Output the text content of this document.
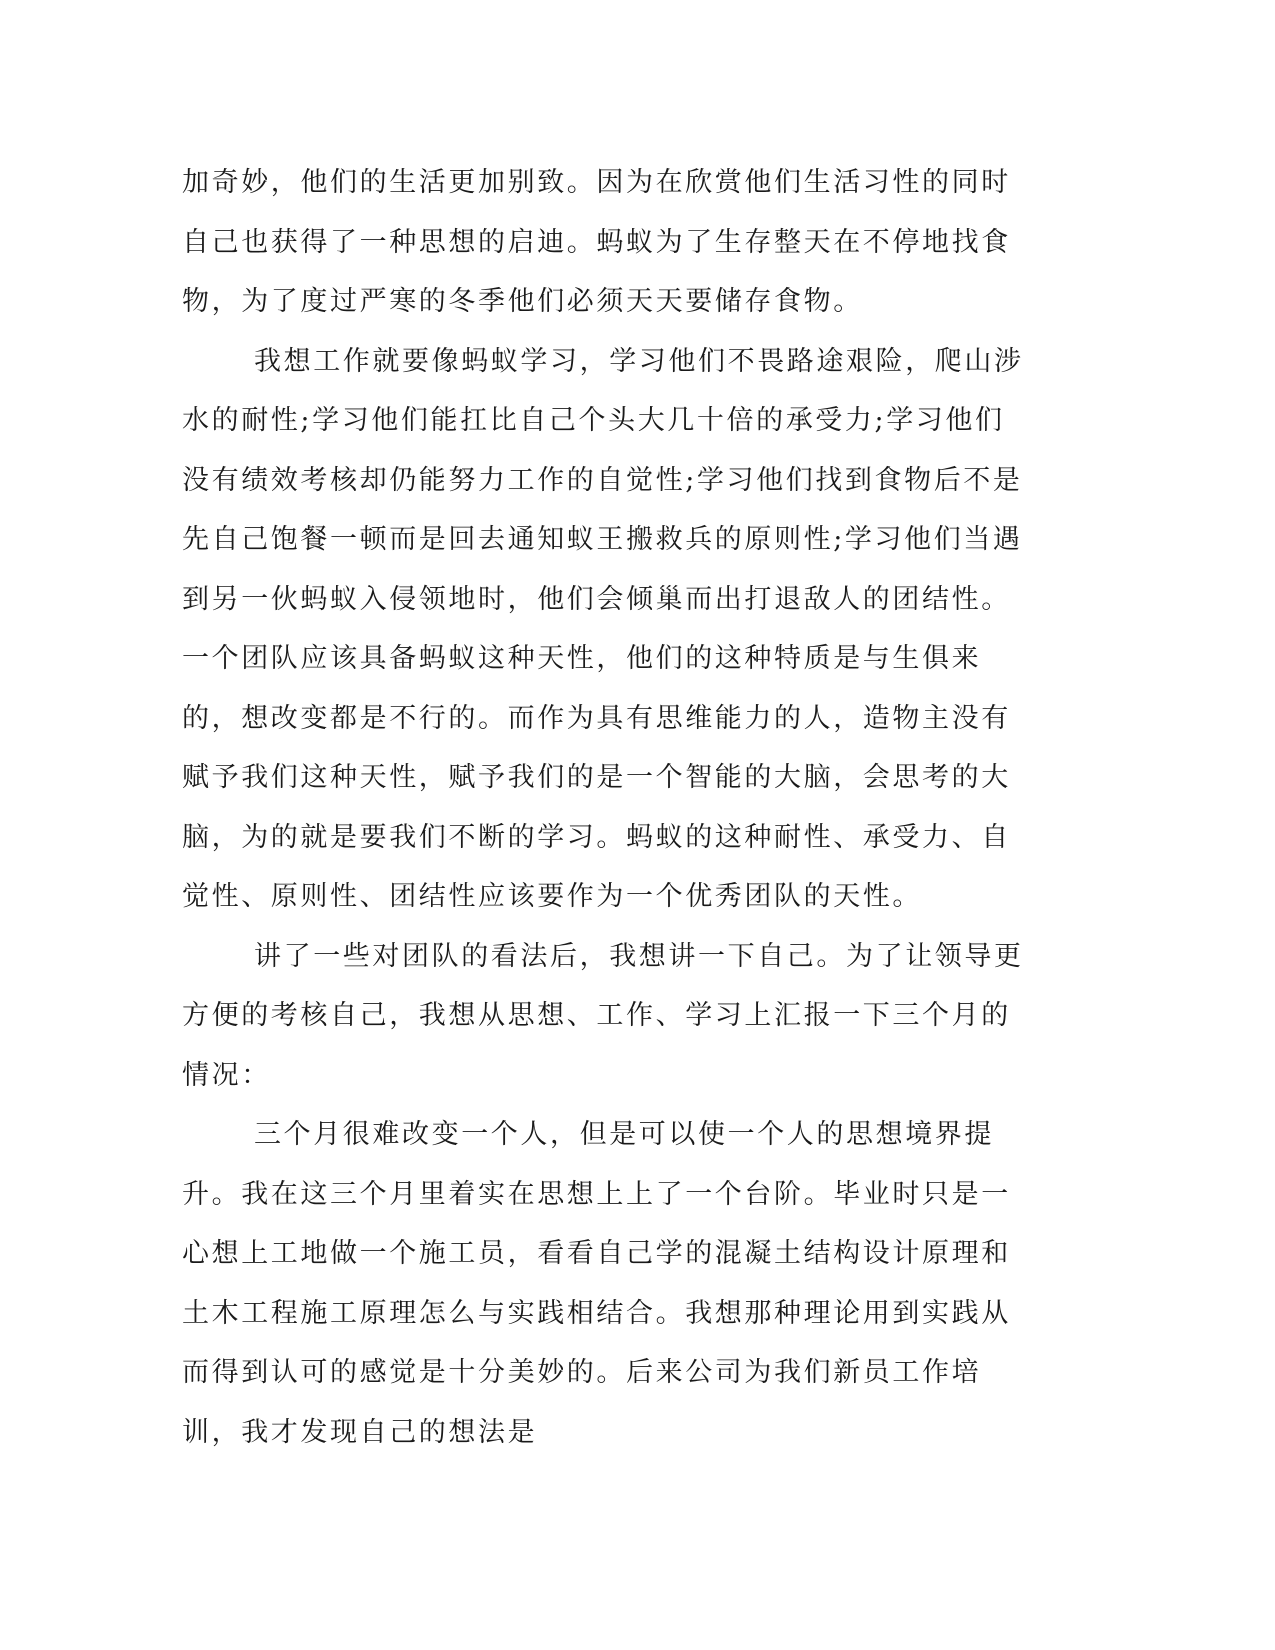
加奇妙，他们的生活更加别致。因为在欣赏他们生活习性的同时自己也获得了一种思想的启迪。蚂蚁为了生存整天在不停地找食物，为了度过严寒的冬季他们必须天天要储存食物。

我想工作就要像蚂蚁学习，学习他们不畏路途艰险，爬山涉水的耐性;学习他们能扛比自己个头大几十倍的承受力;学习他们没有绩效考核却仍能努力工作的自觉性;学习他们找到食物后不是先自己饱餐一顿而是回去通知蚁王搬救兵的原则性;学习他们当遇到另一伙蚂蚁入侵领地时，他们会倾巢而出打退敌人的团结性。一个团队应该具备蚂蚁这种天性，他们的这种特质是与生俱来的，想改变都是不行的。而作为具有思维能力的人，造物主没有赋予我们这种天性，赋予我们的是一个智能的大脑，会思考的大脑，为的就是要我们不断的学习。蚂蚁的这种耐性、承受力、自觉性、原则性、团结性应该要作为一个优秀团队的天性。

讲了一些对团队的看法后，我想讲一下自己。为了让领导更方便的考核自己，我想从思想、工作、学习上汇报一下三个月的情况：

三个月很难改变一个人，但是可以使一个人的思想境界提升。我在这三个月里着实在思想上上了一个台阶。毕业时只是一心想上工地做一个施工员，看看自己学的混凝土结构设计原理和土木工程施工原理怎么与实践相结合。我想那种理论用到实践从而得到认可的感觉是十分美妙的。后来公司为我们新员工作培训，我才发现自己的想法是
